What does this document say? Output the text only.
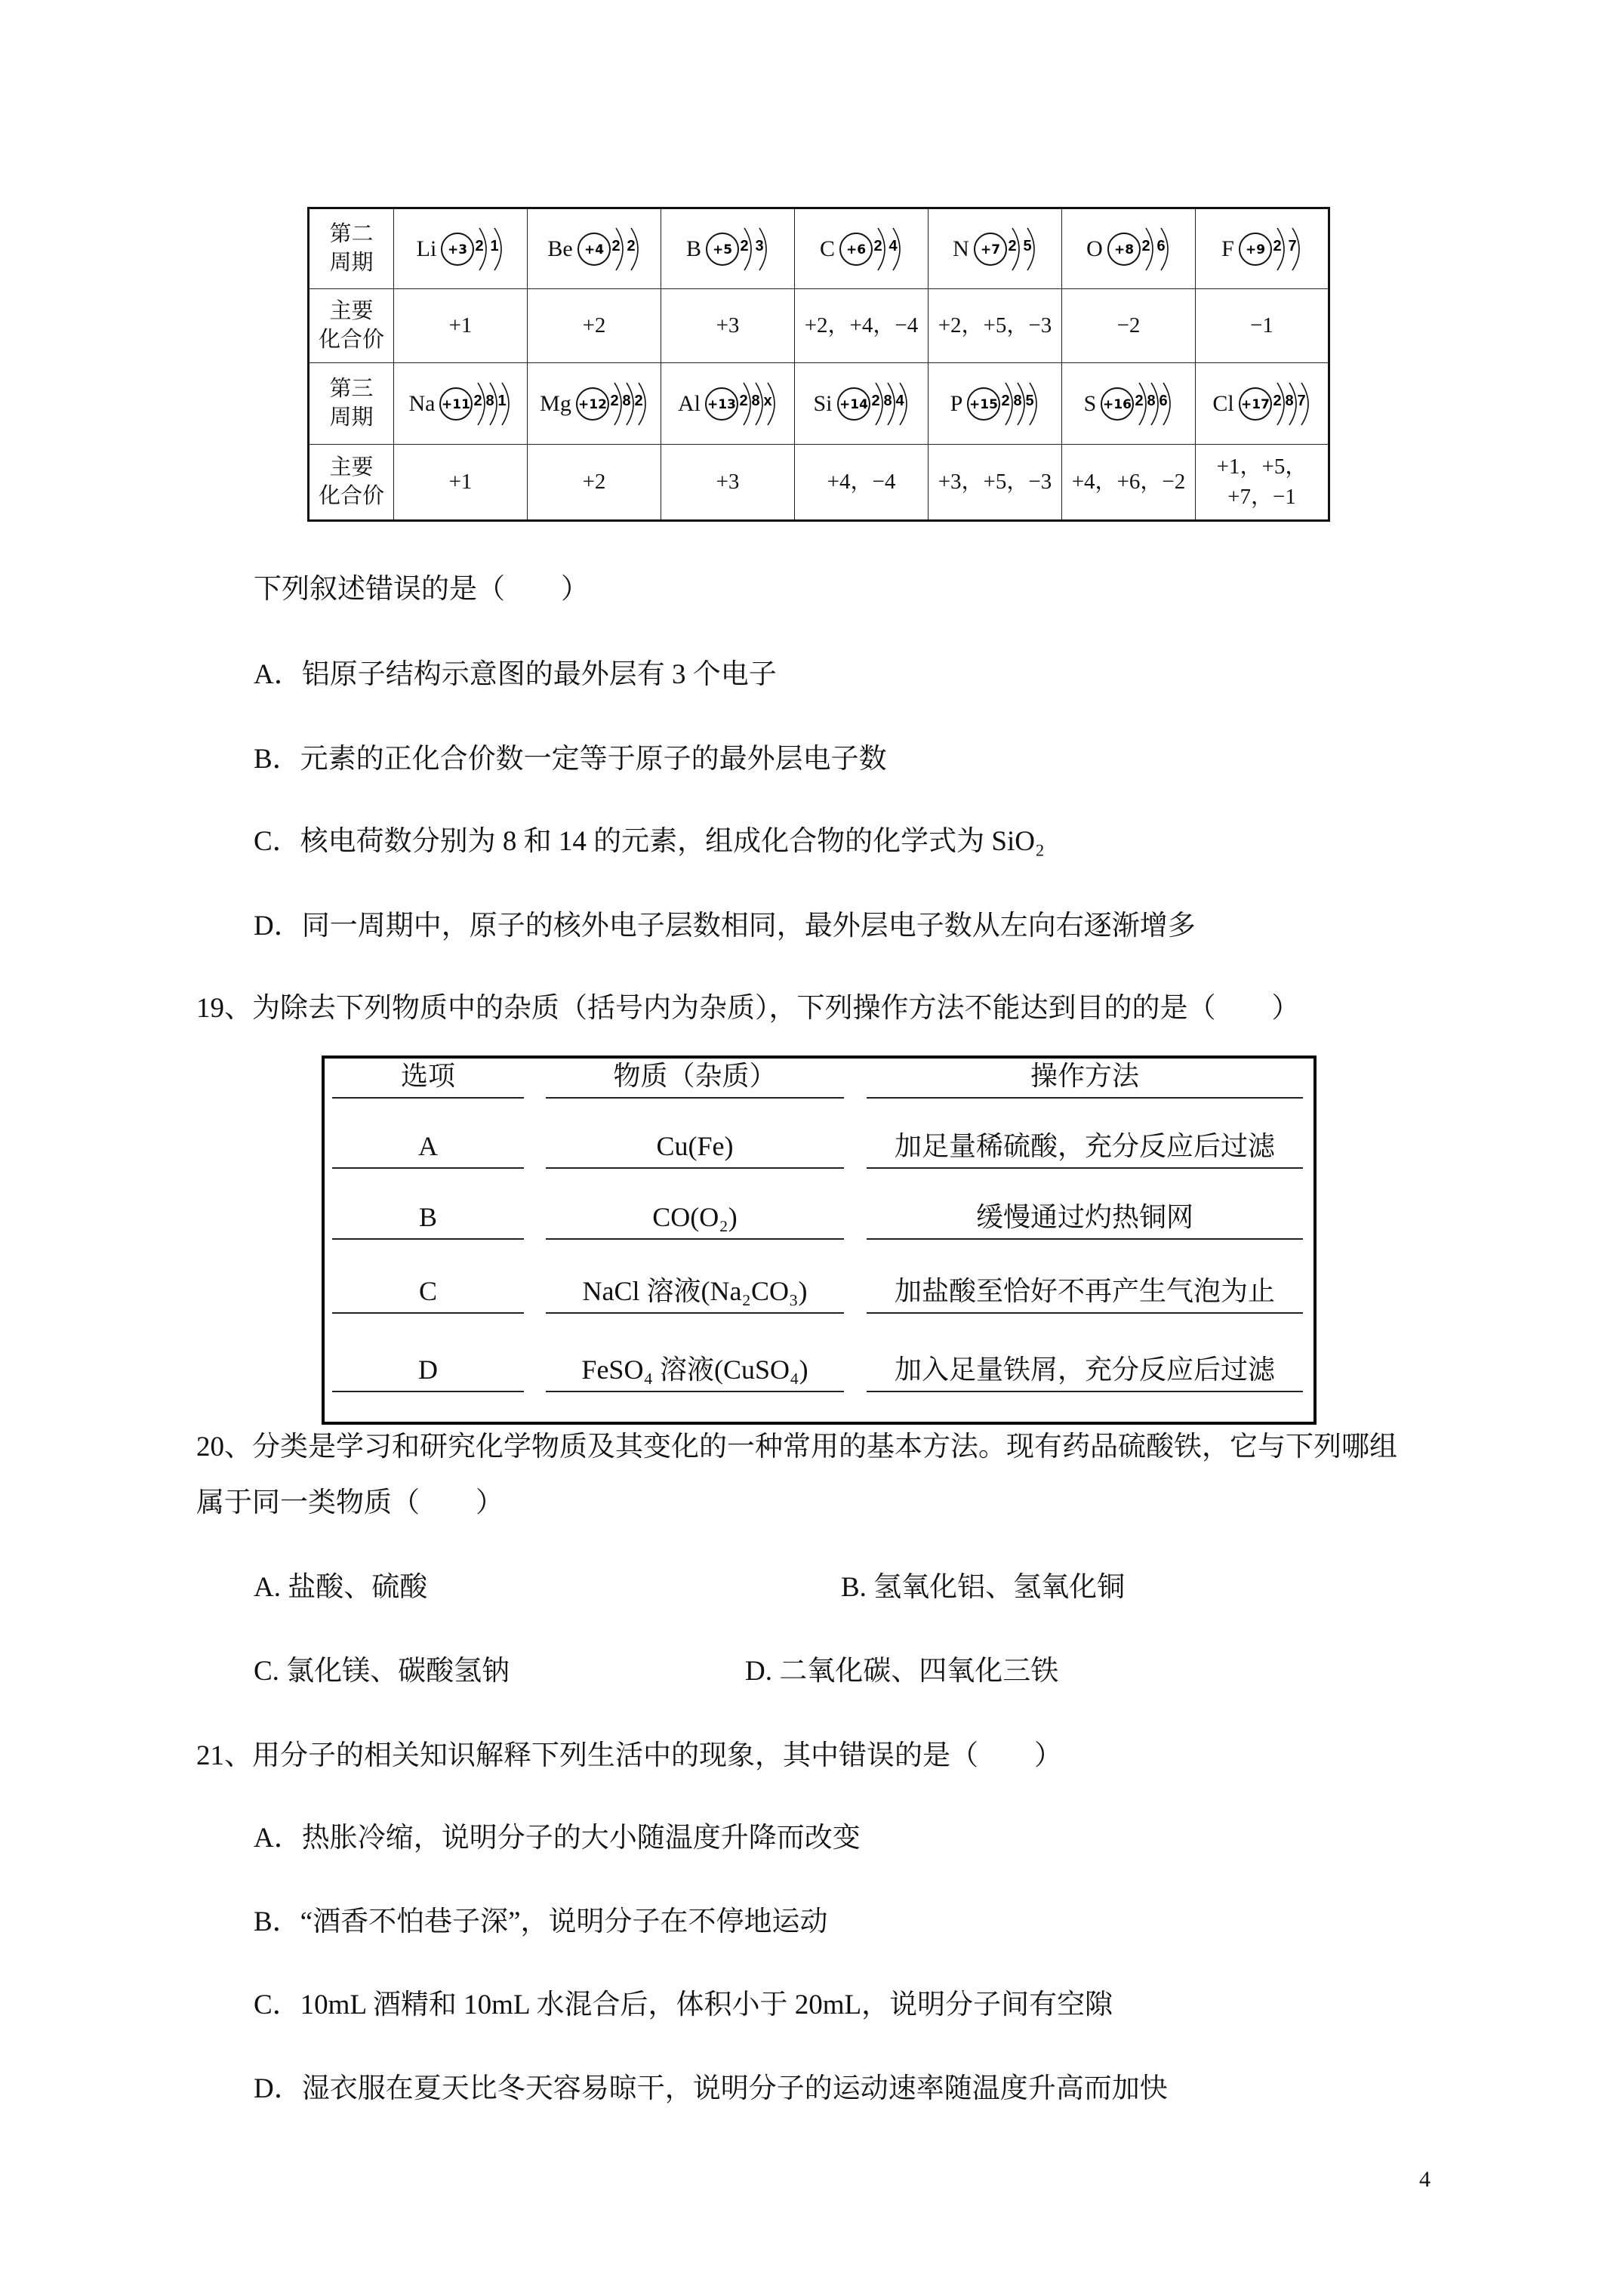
第二
周期	Li +3 2 1	Be +4 2 2	B +5 2 3	C +6 2 4	N +7 2 5	O +8 2 6	F +9 2 7

主要
化合价	+1	+2	+3	+2，+4，−4	+2，+5，−3	−2	−1
第三
周期	Na +11 2 8 1	Mg +12 2 8 2	Al +13 2 8 x	Si +14 2 8 4	P +15 2 8 5	S +16 2 8 6	Cl +17 2 8 7

主要
化合价	+1	+2	+3	+4，−4	+3，+5，−3	+4，+6，−2	+1，+5，
+7，−1
下列叙述错误的是（　　）
A．铝原子结构示意图的最外层有 3 个电子
B．元素的正化合价数一定等于原子的最外层电子数
C．核电荷数分别为 8 和 14 的元素，组成化合物的化学式为 SiO₂
D．同一周期中，原子的核外电子层数相同，最外层电子数从左向右逐渐增多
19、为除去下列物质中的杂质（括号内为杂质），下列操作方法不能达到目的的是（　　）
选项	物质（杂质）	操作方法
A	Cu(Fe)	加足量稀硫酸，充分反应后过滤
B	CO(O₂)	缓慢通过灼热铜网
C	NaCl 溶液(Na₂CO₃)	加盐酸至恰好不再产生气泡为止
D	FeSO₄ 溶液(CuSO₄)	加入足量铁屑，充分反应后过滤
20、分类是学习和研究化学物质及其变化的一种常用的基本方法。现有药品硫酸铁，它与下列哪组
属于同一类物质（　　）
A. 盐酸、硫酸	B. 氢氧化铝、氢氧化铜
C. 氯化镁、碳酸氢钠	D. 二氧化碳、四氧化三铁
21、用分子的相关知识解释下列生活中的现象，其中错误的是（　　）
A．热胀冷缩，说明分子的大小随温度升降而改变
B．“酒香不怕巷子深”，说明分子在不停地运动
C．10mL 酒精和 10mL 水混合后，体积小于 20mL，说明分子间有空隙
D．湿衣服在夏天比冬天容易晾干，说明分子的运动速率随温度升高而加快
4
